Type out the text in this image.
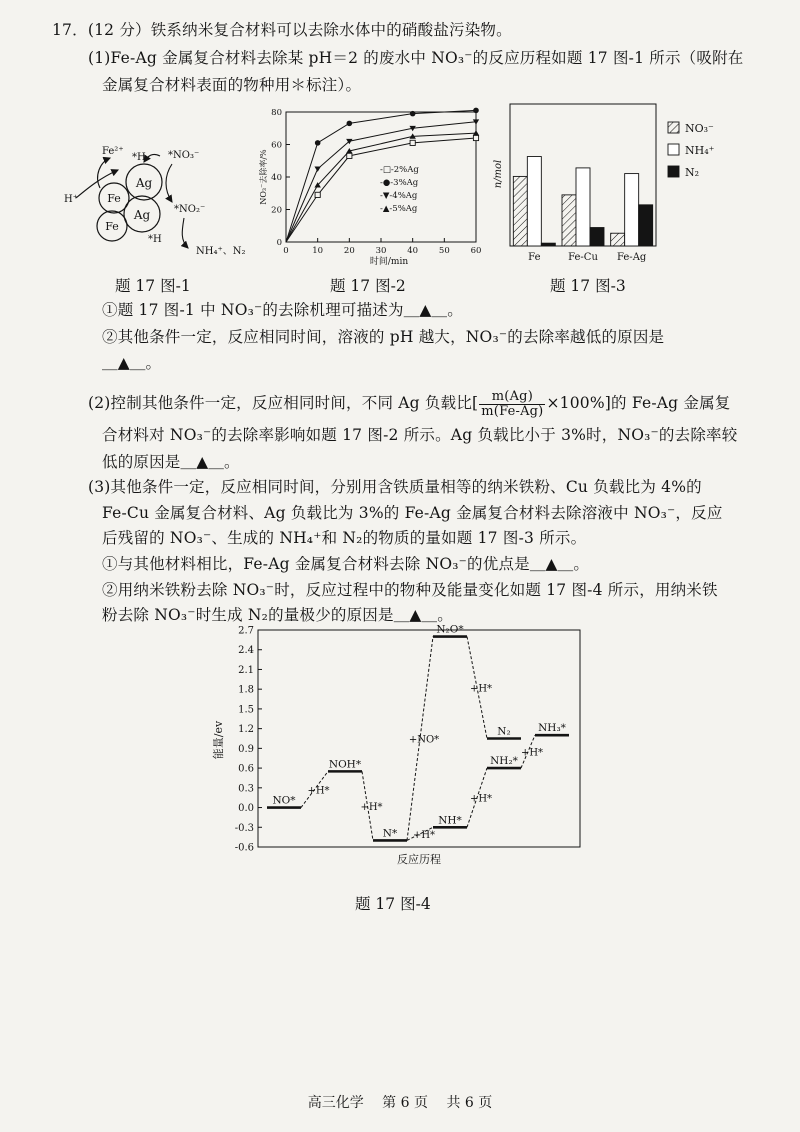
17．(12 分）铁系纳米复合材料可以去除水体中的硝酸盐污染物。
(1)Fe-Ag 金属复合材料去除某 pH＝2 的废水中 NO₃⁻的反应历程如题 17 图-1 所示（吸附在
金属复合材料表面的物种用＊标注）。
Fe
Ag
Fe
Ag
Fe²⁺
*H *NO₃⁻
H⁺
*NO₂⁻
*H
NH₄⁺、N₂
题 17 图-1
0
20
40
60
80
0	10 20 30 40 50 60
时间/min
NO₃⁻去除率/%	-□-2%Ag
-●-3%Ag
-▼-4%Ag
-▲-5%Ag
题 17 图-2
n/mol
Fe	Fe-Cu Fe-Ag
NO₃⁻
NH₄⁺
N₂
题 17 图-3
①题 17 图-1 中 NO₃⁻的去除机理可描述为＿▲＿。
②其他条件一定，反应相同时间，溶液的 pH 越大，NO₃⁻的去除率越低的原因是
＿▲＿。
(2)控制其他条件一定，反应相同时间，不同 Ag 负载比[ $\frac{m(Ag)}{m(Fe-Ag)} \times 100\%$]的 Fe-Ag 金属复
合材料对 NO₃⁻的去除率影响如题 17 图-2 所示。Ag 负载比小于 3%时，NO₃⁻的去除率较
低的原因是＿▲＿。
(3)其他条件一定，反应相同时间，分别用含铁质量相等的纳米铁粉、Cu 负载比为 4%的
Fe-Cu 金属复合材料、Ag 负载比为 3%的 Fe-Ag 金属复合材料去除溶液中 NO₃⁻，反应
后残留的 NO₃⁻、生成的 NH₄⁺和 N₂的物质的量如题 17 图-3 所示。
①与其他材料相比，Fe-Ag 金属复合材料去除 NO₃⁻的优点是＿▲＿。
②用纳米铁粉去除 NO₃⁻时，反应过程中的物种及能量变化如题 17 图-4 所示，用纳米铁
粉去除 NO₃⁻时生成 N₂的量极少的原因是＿▲＿。
2.7
2.4
2.1
1.8
1.5
1.2
0.9
0.6
0.3
0.0
-0.3
-0.6
能量/ev
反应历程
NO*
NOH*
N*
N₂O*
N₂
NH*
NH₂*
NH₃*
+H*
+H*
+NO*
+H*
+H*
+H*
+H*
题 17 图-4
高三化学　 第 6 页　 共 6 页
